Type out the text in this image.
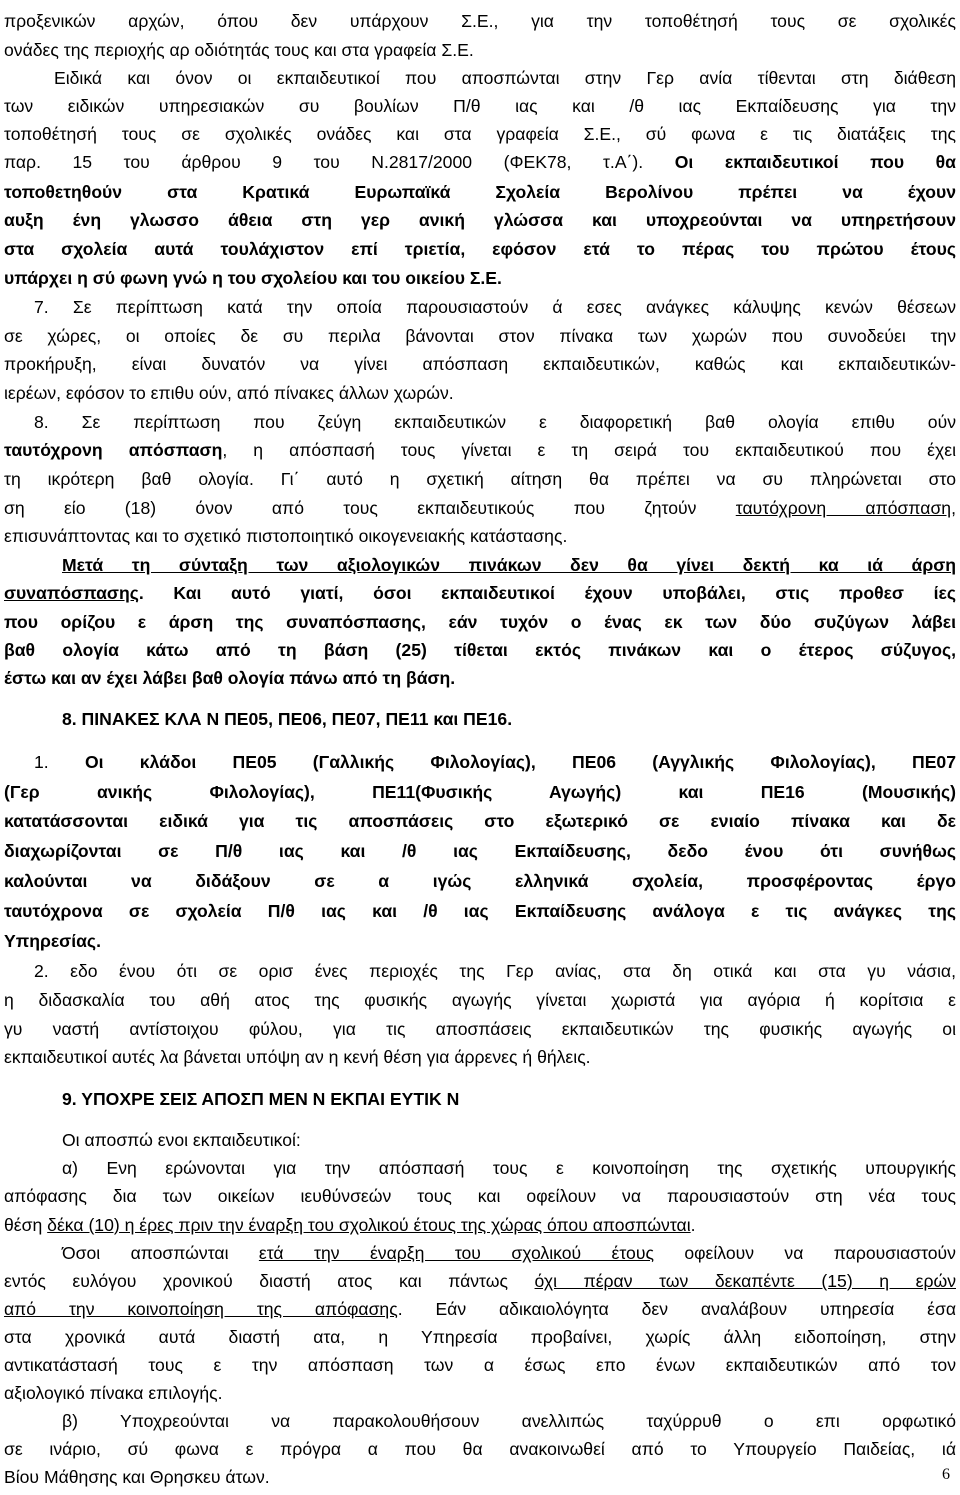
προξενικών αρχών, όπου δεν υπάρχουν Σ.Ε., για την τοποθέτησή τους σε σχολικές
ονάδες της περιοχής αρ οδιότητάς τους και στα γραφεία Σ.Ε.
Ειδικά και όνον οι εκπαιδευτικοί που αποσπώνται στην Γερ ανία τίθενται στη διάθεση
των ειδικών υπηρεσιακών συ βουλίων Π/θ ιας και /θ ιας Εκπαίδευσης για την
τοποθέτησή τους σε σχολικές ονάδες και στα γραφεία Σ.Ε., σύ φωνα ε τις διατάξεις της
παρ. 15 του άρθρου 9 του Ν.2817/2000 (ΦΕΚ78, τ.Α΄). Οι εκπαιδευτικοί που θα
τοποθετηθούν στα Κρατικά Ευρωπαϊκά Σχολεία Βερολίνου πρέπει να έχουν
αυξη ένη γλωσσο άθεια στη γερ ανική γλώσσα και υποχρεούνται να υπηρετήσουν
στα σχολεία αυτά τουλάχιστον επί τριετία, εφόσον ετά το πέρας του πρώτου έτους
υπάρχει η σύ φωνη γνώ η του σχολείου και του οικείου Σ.Ε.
7. Σε περίπτωση κατά την οποία παρουσιαστούν ά εσες ανάγκες κάλυψης κενών θέσεων
σε χώρες, οι οποίες δε συ περιλα βάνονται στον πίνακα των χωρών που συνοδεύει την
προκήρυξη, είναι δυνατόν να γίνει απόσπαση εκπαιδευτικών, καθώς και εκπαιδευτικών-
ιερέων, εφόσον το επιθυ ούν, από πίνακες άλλων χωρών.
8. Σε περίπτωση που ζεύγη εκπαιδευτικών ε διαφορετική βαθ ολογία επιθυ ούν
ταυτόχρονη απόσπαση, η απόσπασή τους γίνεται ε τη σειρά του εκπαιδευτικού που έχει
τη ικρότερη βαθ ολογία. Γι΄ αυτό η σχετική αίτηση θα πρέπει να συ πληρώνεται στο
ση είο (18) όνον από τους εκπαιδευτικούς που ζητούν ταυτόχρονη απόσπαση,
επισυνάπτοντας και το σχετικό πιστοποιητικό οικογενειακής κατάστασης.
Μετά τη σύνταξη των αξιολογικών πινάκων δεν θα γίνει δεκτή κα ιά άρση
συναπόσπασης. Και αυτό γιατί, όσοι εκπαιδευτικοί έχουν υποβάλει, στις προθεσ ίες
που ορίζου ε άρση της συναπόσπασης, εάν τυχόν ο ένας εκ των δύο συζύγων λάβει
βαθ ολογία κάτω από τη βάση (25) τίθεται εκτός πινάκων και ο έτερος σύζυγος,
έστω και αν έχει λάβει βαθ ολογία πάνω από τη βάση.
8. ΠΙΝΑΚΕΣ ΚΛΑ Ν ΠΕ05, ΠΕ06, ΠΕ07, ΠΕ11 και ΠΕ16.
1. Οι κλάδοι ΠΕ05 (Γαλλικής Φιλολογίας), ΠΕ06 (Αγγλικής Φιλολογίας), ΠΕ07
(Γερ ανικής Φιλολογίας), ΠΕ11(Φυσικής Αγωγής) και ΠΕ16 (Μουσικής)
κατατάσσονται ειδικά για τις αποσπάσεις στο εξωτερικό σε ενιαίο πίνακα και δε
διαχωρίζονται σε Π/θ ιας και /θ ιας Εκπαίδευσης, δεδο ένου ότι συνήθως
καλούνται να διδάξουν σε α ιγώς ελληνικά σχολεία, προσφέροντας έργο
ταυτόχρονα σε σχολεία Π/θ ιας και /θ ιας Εκπαίδευσης ανάλογα ε τις ανάγκες της
Υπηρεσίας.
2. εδο ένου ότι σε ορισ ένες περιοχές της Γερ ανίας, στα δη οτικά και στα γυ νάσια,
η διδασκαλία του αθή ατος της φυσικής αγωγής γίνεται χωριστά για αγόρια ή κορίτσια ε
γυ ναστή αντίστοιχου φύλου, για τις αποσπάσεις εκπαιδευτικών της φυσικής αγωγής οι
εκπαιδευτικοί αυτές λα βάνεται υπόψη αν η κενή θέση για άρρενες ή θήλεις.
9. ΥΠΟΧΡΕ ΣΕΙΣ ΑΠΟΣΠ ΜΕΝ Ν ΕΚΠΑΙ ΕΥΤΙΚ Ν
Οι αποσπώ ενοι εκπαιδευτικοί:
α) Ενη ερώνονται για την απόσπασή τους ε κοινοποίηση της σχετικής υπουργικής
απόφασης δια των οικείων ιευθύνσεών τους και οφείλουν να παρουσιαστούν στη νέα τους
θέση δέκα (10) η έρες πριν την έναρξη του σχολικού έτους της χώρας όπου αποσπώνται.
Όσοι αποσπώνται ετά την έναρξη του σχολικού έτους οφείλουν να παρουσιαστούν
εντός ευλόγου χρονικού διαστή ατος και πάντως όχι πέραν των δεκαπέντε (15) η ερών
από την κοινοποίηση της απόφασης. Εάν αδικαιολόγητα δεν αναλάβουν υπηρεσία έσα
στα χρονικά αυτά διαστή ατα, η Υπηρεσία προβαίνει, χωρίς άλλη ειδοποίηση, στην
αντικατάστασή τους ε την απόσπαση των α έσως επο ένων εκπαιδευτικών από τον
αξιολογικό πίνακα επιλογής.
β) Υποχρεούνται να παρακολουθήσουν ανελλιπώς ταχύρρυθ ο επι ορφωτικό
σε ινάριο, σύ φωνα ε πρόγρα α που θα ανακοινωθεί από το Υπουργείο Παιδείας, ιά
Βίου Μάθησης και Θρησκευ άτων.	6
